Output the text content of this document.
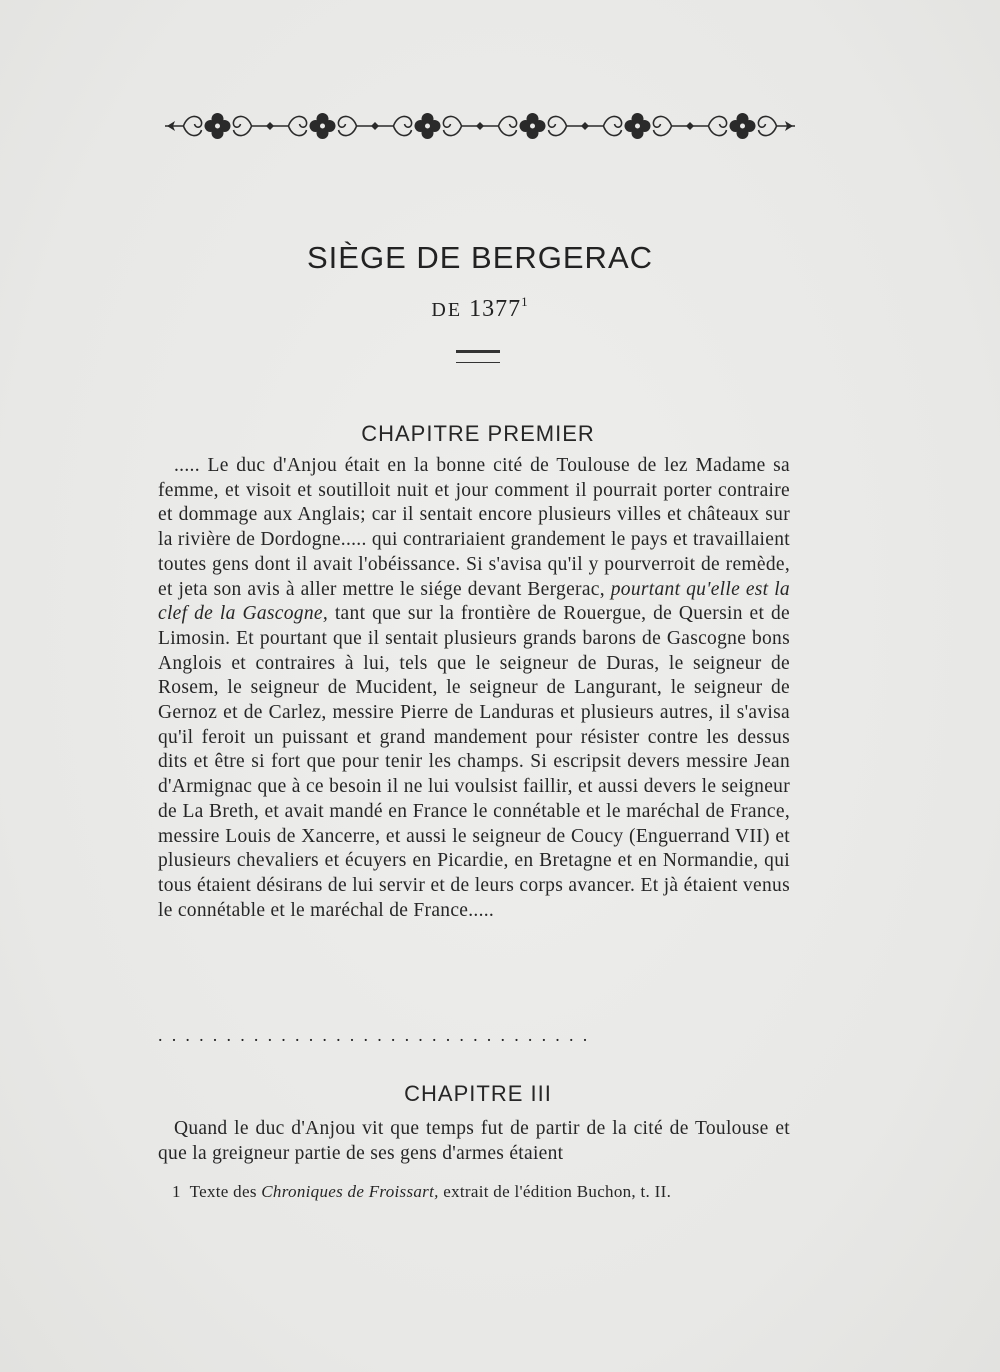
SIÈGE DE BERGERAC
DE 1377$^1$
CHAPITRE PREMIER

..... Le duc d'Anjou était en la bonne cité de Toulouse de lez Madame sa femme, et visoit et soutilloit nuit et jour comment il pourrait porter contraire et dommage aux Anglais; car il sentait encore plusieurs villes et châteaux sur la rivière de Dordogne..... qui contrariaient grandement le pays et travaillaient toutes gens dont il avait l'obéissance. Si s'avisa qu'il y pourverroit de remède, et jeta son avis à aller mettre le siége devant Bergerac, pourtant qu'elle est la clef de la Gascogne, tant que sur la frontière de Rouergue, de Quersin et de Limosin. Et pourtant que il sentait plusieurs grands barons de Gascogne bons Anglois et contraires à lui, tels que le seigneur de Duras, le seigneur de Rosem, le seigneur de Mucident, le seigneur de Langurant, le seigneur de Gernoz et de Carlez, messire Pierre de Landuras et plusieurs autres, il s'avisa qu'il feroit un puissant et grand mandement pour résister contre les dessus dits et être si fort que pour tenir les champs. Si escripsit devers messire Jean d'Armignac que à ce besoin il ne lui voulsist faillir, et aussi devers le seigneur de La Breth, et avait mandé en France le connétable et le maréchal de France, messire Louis de Xancerre, et aussi le seigneur de Coucy (Enguerrand VII) et plusieurs chevaliers et écuyers en Picardie, en Bretagne et en Normandie, qui tous étaient désirans de lui servir et de leurs corps avancer. Et jà étaient venus le connétable et le maréchal de France.....

................................
CHAPITRE III

Quand le duc d'Anjou vit que temps fut de partir de la cité de Toulouse et que la greigneur partie de ses gens d'armes étaient

1 Texte des Chroniques de Froissart, extrait de l'édition Buchon, t. II.
